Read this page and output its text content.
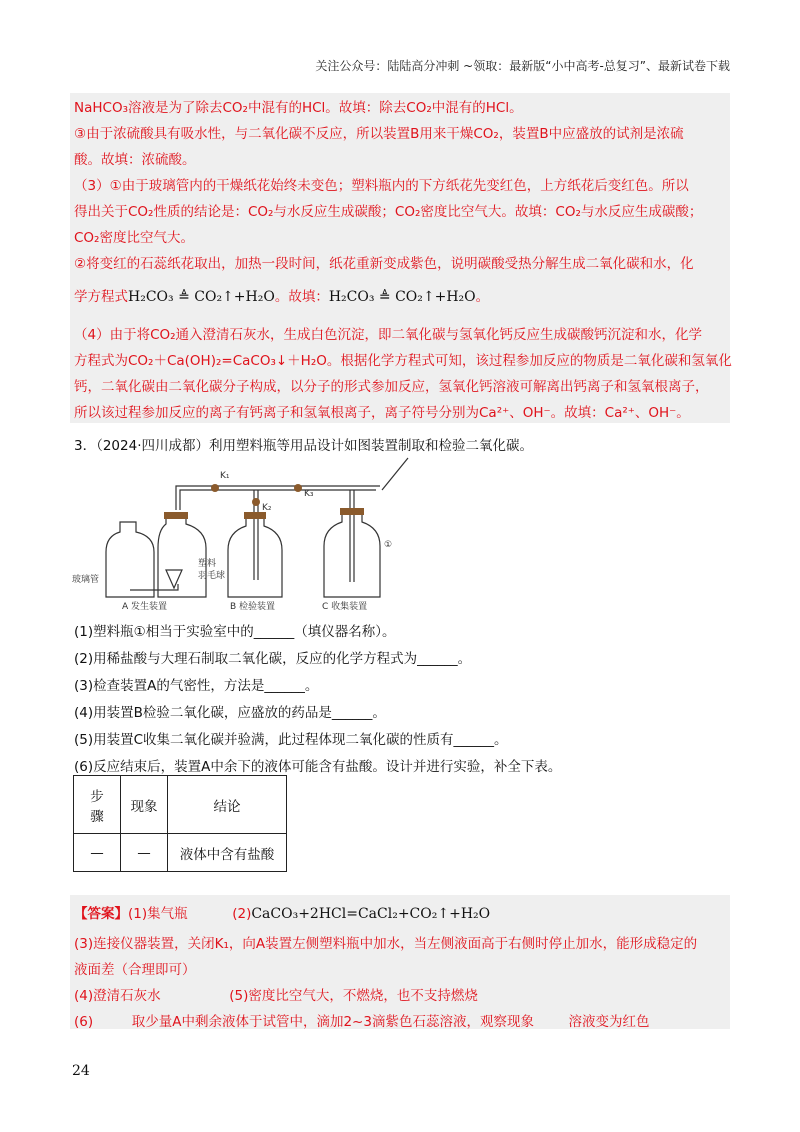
关注公众号：陆陆高分冲刺 ~领取：最新版“小中高考-总复习”、最新试卷下载
NaHCO₃溶液是为了除去CO₂中混有的HCl。故填：除去CO₂中混有的HCl。
③由于浓硫酸具有吸水性，与二氧化碳不反应，所以装置B用来干燥CO₂，装置B中应盛放的试剂是浓硫
酸。故填：浓硫酸。
（3）①由于玻璃管内的干燥纸花始终未变色；塑料瓶内的下方纸花先变红色，上方纸花后变红色。所以
得出关于CO₂性质的结论是：CO₂与水反应生成碳酸；CO₂密度比空气大。故填：CO₂与水反应生成碳酸；
CO₂密度比空气大。
②将变红的石蕊纸花取出，加热一段时间，纸花重新变成紫色，说明碳酸受热分解生成二氧化碳和水，化
学方程式H₂CO₃ ≜ CO₂↑+H₂O。故填：H₂CO₃ ≜ CO₂↑+H₂O。
（4）由于将CO₂通入澄清石灰水，生成白色沉淀，即二氧化碳与氢氧化钙反应生成碳酸钙沉淀和水，化学
方程式为CO₂＋Ca(OH)₂=CaCO₃↓＋H₂O。根据化学方程式可知，该过程参加反应的物质是二氧化碳和氢氧化
钙，二氧化碳由二氧化碳分子构成，以分子的形式参加反应，氢氧化钙溶液可解离出钙离子和氢氧根离子，
所以该过程参加反应的离子有钙离子和氢氧根离子，离子符号分别为Ca²⁺、OH⁻。故填：Ca²⁺、OH⁻。
3．（2024·四川成都）利用塑料瓶等用品设计如图装置制取和检验二氧化碳。
K₁
K₂
K₃
①
玻璃管
塑料
羽毛球
A 发生装置	B 检验装置	C 收集装置
(1)塑料瓶①相当于实验室中的______（填仪器名称）。
(2)用稀盐酸与大理石制取二氧化碳，反应的化学方程式为______。
(3)检查装置A的气密性，方法是______。
(4)用装置B检验二氧化碳，应盛放的药品是______。
(5)用装置C收集二氧化碳并验满，此过程体现二氧化碳的性质有______。
(6)反应结束后，装置A中余下的液体可能含有盐酸。设计并进行实验，补全下表。
步
骤	现象	结论
—	—	液体中含有盐酸
【答案】(1)集气瓶	(2)CaCO₃+2HCl=CaCl₂+CO₂↑+H₂O
(3)连接仪器装置，关闭K₁，向A装置左侧塑料瓶中加水，当左侧液面高于右侧时停止加水，能形成稳定的
液面差（合理即可）
(4)澄清石灰水	(5)密度比空气大，不燃烧，也不支持燃烧
(6)	取少量A中剩余液体于试管中，滴加2~3滴紫色石蕊溶液，观察现象	溶液变为红色
24
